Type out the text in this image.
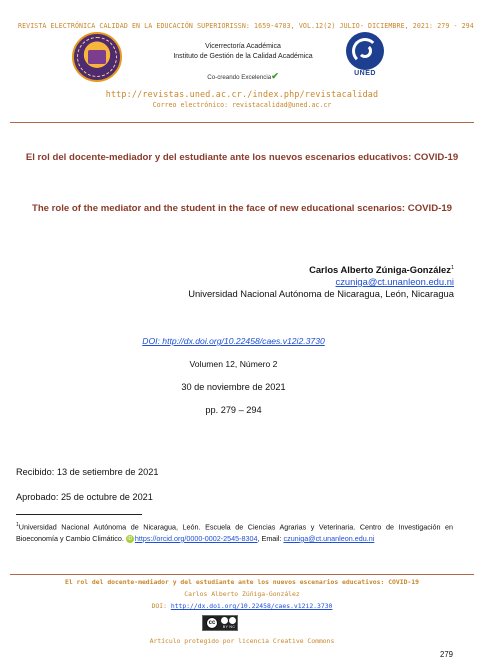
REVISTA ELECTRÓNICA CALIDAD EN LA EDUCACIÓN SUPERIOR ISSN: 1659-4703, VOL.12(2) JULIO- DICIEMBRE, 2021: 279 - 294
Vicerrectoría Académica
Instituto de Gestión de la Calidad Académica
Co-creando Excelencia✔	UNED
http://revistas.uned.ac.cr./index.php/revistacalidad
Correo electrónico: revistacalidad@uned.ac.cr
El rol del docente-mediador y del estudiante ante los nuevos escenarios educativos: COVID-19
The role of the mediator and the student in the face of new educational scenarios: COVID-19
Carlos Alberto Zúniga-González$^1$
czuniga@ct.unanleon.edu.ni
Universidad Nacional Autónoma de Nicaragua, León, Nicaragua
DOI: http://dx.doi.org/10.22458/caes.v12i2.3730
Volumen 12, Número 2
30 de noviembre de 2021
pp. 279 – 294
Recibido: 13 de setiembre de 2021
Aprobado: 25 de octubre de 2021
$^1$Universidad Nacional Autónoma de Nicaragua, León. Escuela de Ciencias Agrarias y Veterinaria. Centro de Investigación en Bioeconomía y Cambio Climático. iD https://orcid.org/0000-0002-2545-8304, Email: czuniga@ct.unanleon.edu.ni
El rol del docente-mediador y del estudiante ante los nuevos escenarios educativos: COVID-19
Carlos Alberto Zúñiga-González
DOI: http://dx.doi.org/10.22458/caes.v12i2.3730
cc
BY NC
Artículo protegido por licencia Creative Commons
279
